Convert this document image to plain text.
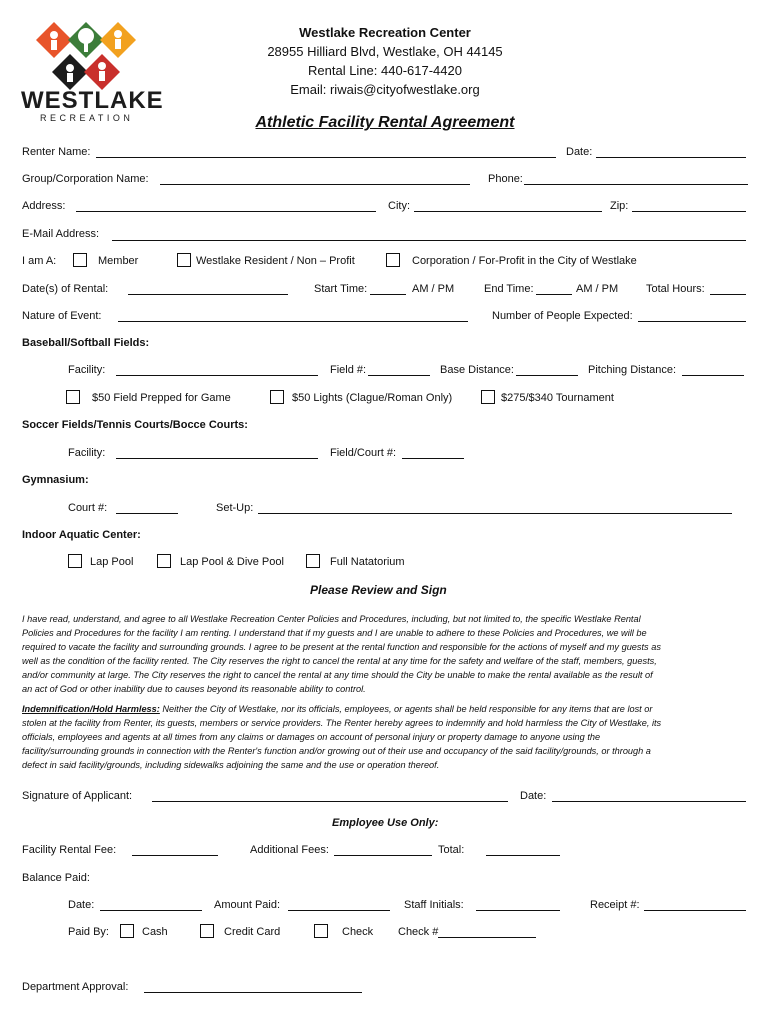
WESTLAKE
RECREATION
Westlake Recreation Center
28955 Hilliard Blvd, Westlake, OH 44145
Rental Line: 440-617-4420
Email: riwais@cityofwestlake.org
Athletic Facility Rental Agreement
Renter Name:	Date:
Group/Corporation Name:	Phone:
Address:	City:	Zip:
E-Mail Address:
I am A:	Member	Westlake Resident / Non – Profit	Corporation / For-Profit in the City of Westlake
Date(s) of Rental:	Start Time:	AM / PM	End Time:	AM / PM	Total Hours:
Nature of Event:	Number of People Expected:
Baseball/Softball Fields:
Facility:	Field #:	Base Distance:	Pitching Distance:
$50 Field Prepped for Game	$50 Lights (Clague/Roman Only)	$275/$340 Tournament
Soccer Fields/Tennis Courts/Bocce Courts:
Facility:	Field/Court #:
Gymnasium:
Court #:	Set-Up:
Indoor Aquatic Center:
Lap Pool	Lap Pool & Dive Pool	Full Natatorium
Please Review and Sign
I have read, understand, and agree to all Westlake Recreation Center Policies and Procedures, including, but not limited to, the specific Westlake Rental
Policies and Procedures for the facility I am renting. I understand that if my guests and I are unable to adhere to these Policies and Procedures, we will be
required to vacate the facility and surrounding grounds. I agree to be present at the rental function and responsible for the actions of myself and my guests as
well as the condition of the facility rented. The City reserves the right to cancel the rental at any time for the safety and welfare of the staff, members, guests,
and/or community at large. The City reserves the right to cancel the rental at any time should the City be unable to make the rental available as the result of
an act of God or other inability due to causes beyond its reasonable ability to control.
Indemnification/Hold Harmless: Neither the City of Westlake, nor its officials, employees, or agents shall be held responsible for any items that are lost or
stolen at the facility from Renter, its guests, members or service providers. The Renter hereby agrees to indemnify and hold harmless the City of Westlake, its
officials, employees and agents at all times from any claims or damages on account of personal injury or property damage to anyone using the
facility/surrounding grounds in connection with the Renter's function and/or growing out of their use and occupancy of the said facility/grounds, or through a
defect in said facility/grounds, including sidewalks adjoining the same and the use or operation thereof.
Signature of Applicant:	Date:
Employee Use Only:
Facility Rental Fee:	Additional Fees:	Total:
Balance Paid:
Date:	Amount Paid:	Staff Initials:	Receipt #:
Paid By:	Cash	Credit Card	Check Check #
Department Approval:
